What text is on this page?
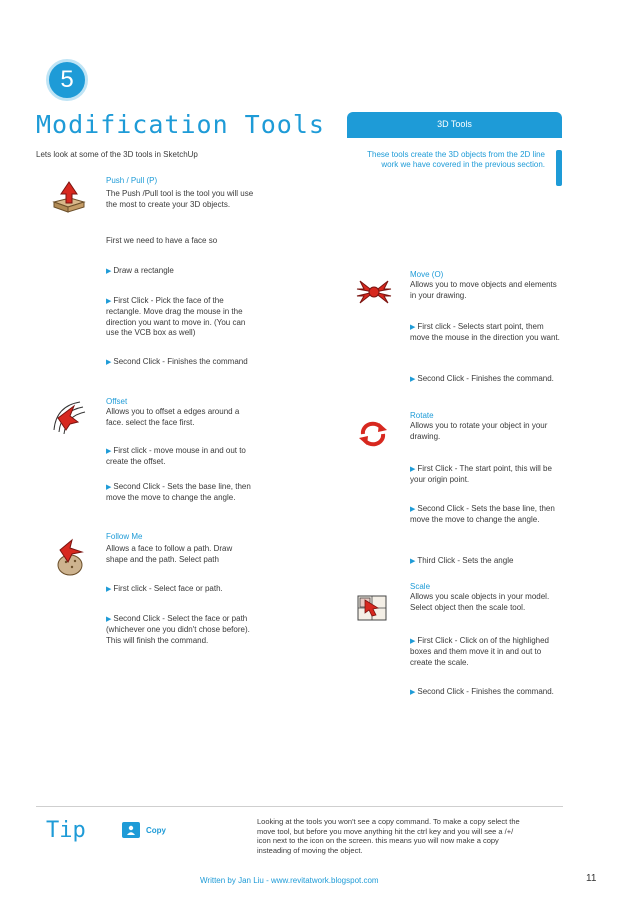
5
Modification Tools
Lets look at some of the 3D tools in SketchUp
3D Tools
These tools create the 3D objects from the 2D line work we have covered in the previous section.
Push / Pull (P)
The Push /Pull tool is the tool you will use the most to create your 3D objects.
First we need to have a face so
▶ Draw a rectangle
▶ First Click - Pick the face of the rectangle. Move drag the mouse in the direction you want to move in. (You can use the VCB box as well)
▶ Second Click - Finishes the command
Offset
Allows you to offset a edges around a face. select the face first.
▶ First click - move mouse in and out to create the offset.
▶ Second Click - Sets the base line, then move the move to change the angle.
Follow Me
Allows a face to follow a path. Draw shape and the path. Select path
▶ First click - Select face or path.
▶ Second Click - Select the face or path (whichever one you didn't chose before). This will finish the command.
Move (O)
Allows you to move objects and elements in your drawing.
▶ First click - Selects start point, them move the mouse in the direction you want.
▶ Second Click - Finishes the command.
Rotate
Allows you to rotate your object in your drawing.
▶ First Click - The start point, this will be your origin point.
▶ Second Click - Sets the base line, then move the move to change the angle.
▶ Third Click - Sets the angle
Scale
Allows you scale objects in your model. Select object then the scale tool.
▶ First Click - Click on of the highlighed boxes and them move it in and out to create the scale.
▶ Second Click - Finishes the command.
Tip	Copy
Looking at the tools you won't see a copy command. To make a copy select the move tool, but before you move anything hit the ctrl key and you will see a /+/ icon next to the icon on the screen. this means yuo will now make a copy insteading of moving the object.
Written by Jan Liu - www.revitatwork.blogspot.com	11
